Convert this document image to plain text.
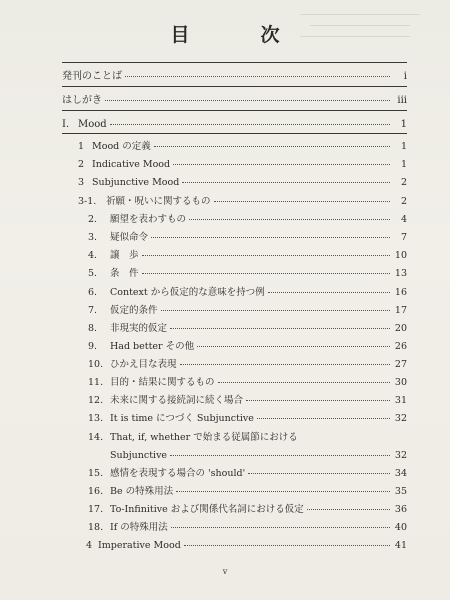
目　次
発刊のことば	i
はしがき	iii
I. Mood	1
1 Mood の定義	1
2 Indicative Mood	1
3 Subjunctive Mood	2
3-1.	祈願・呪いに関するもの	2
2.	願望を表わすもの	4
3.	疑似命令	7
4.	譲　歩	10
5.	条　件	13
6.	Context から仮定的な意味を持つ例	16
7.	仮定的条件	17
8.	非現実的仮定	20
9.	Had better その他	26
10. ひかえ目な表現	27
11. 目的・結果に関するもの	30
12. 未来に関する接続詞に続く場合	31
13. It is time につづく Subjunctive	32
14. That, if, whether で始まる従属節における
Subjunctive	32
15. 感情を表現する場合の 'should'	34
16. Be の特殊用法	35
17. To-Infinitive および関係代名詞における仮定	36
18. If の特殊用法	40
4 Imperative Mood	41
v
